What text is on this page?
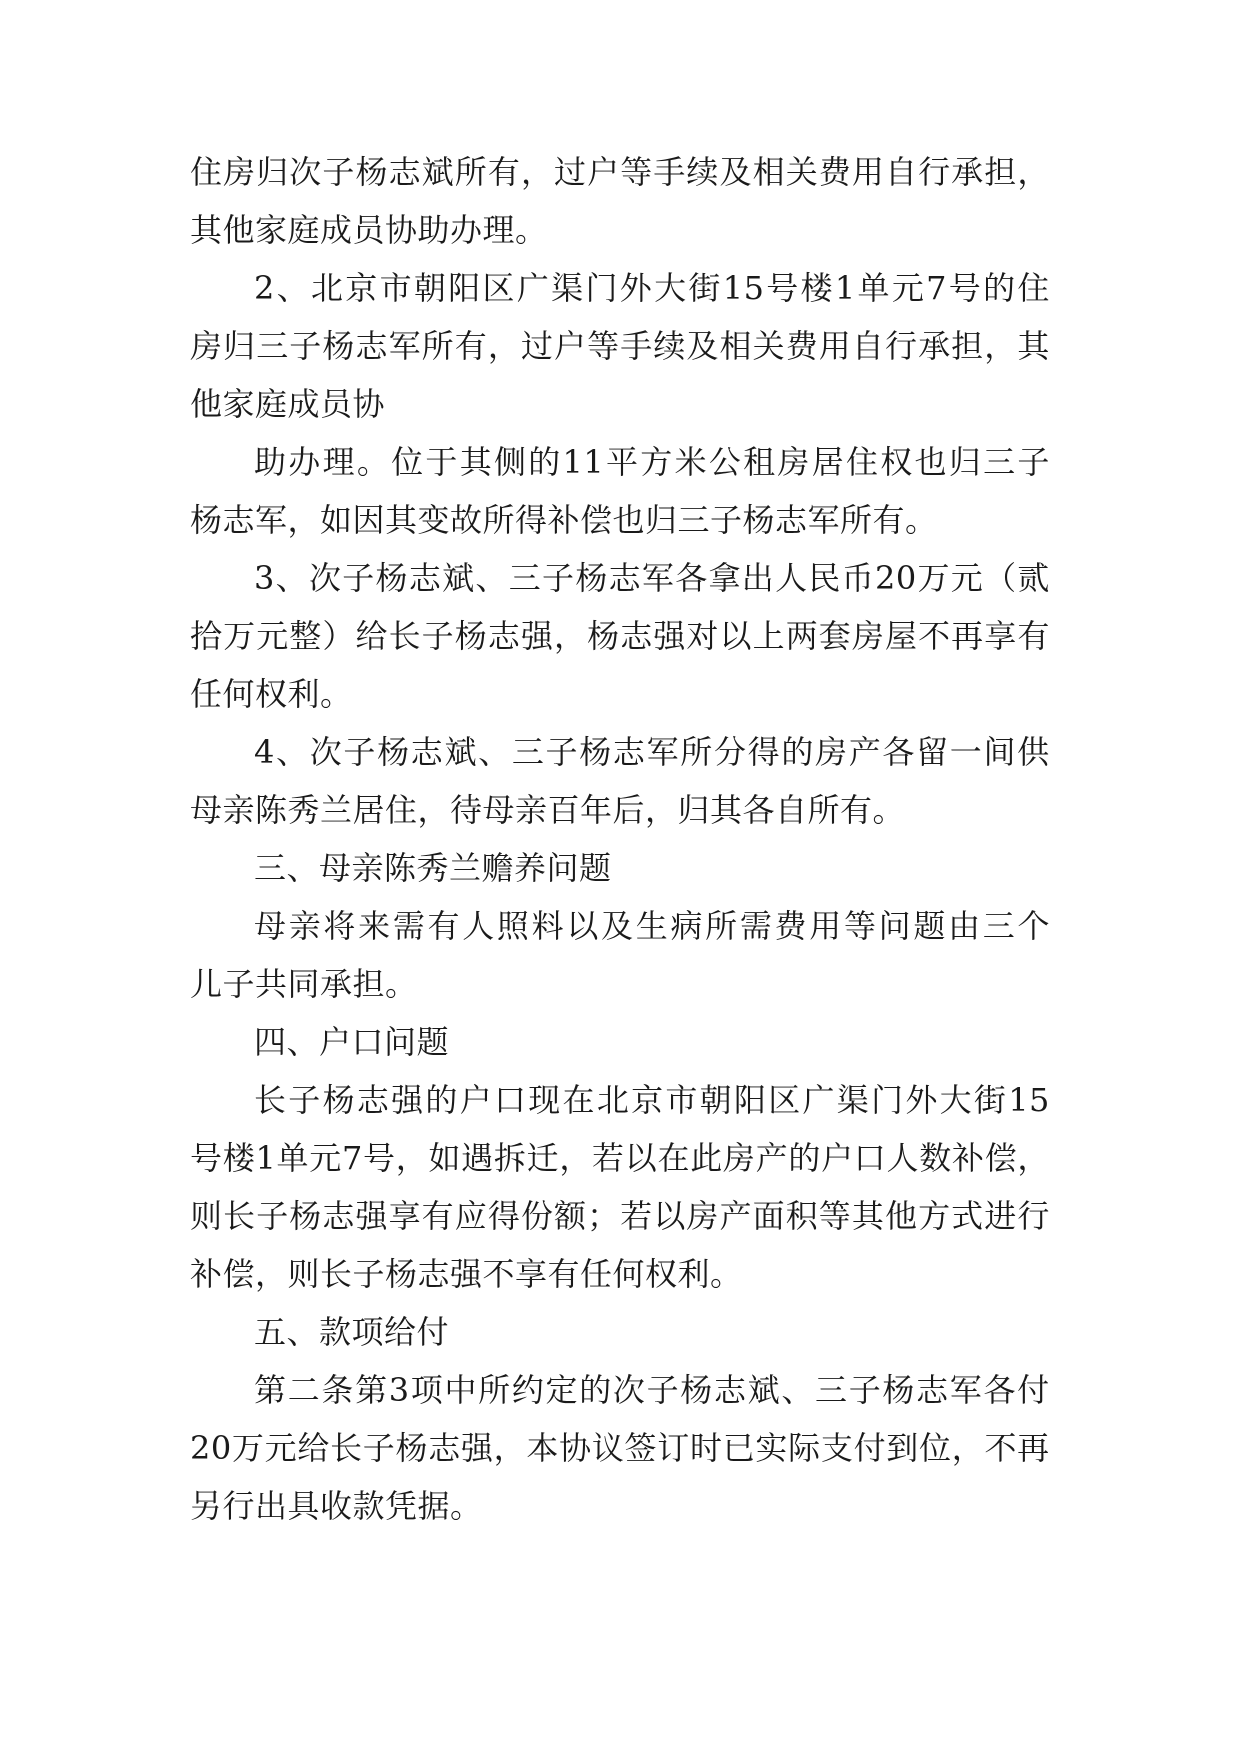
住 房 归 次 子 杨 志 斌 所 有 ， 过 户 等 手 续 及 相 关 费 用 自 行 承 担 ，
其他家庭成员协助办理。
2 、 北 京 市 朝 阳 区 广 渠 门 外 大 街 15 号 楼 1 单 元 7 号 的 住
房 归 三 子 杨 志 军 所 有 ， 过 户 等 手 续 及 相 关 费 用 自 行 承 担 ， 其
他家庭成员协
助 办 理 。 位 于 其 侧 的 11 平 方 米 公 租 房 居 住 权 也 归 三 子
杨志军，如因其变故所得补偿也归三子杨志军所有。
3 、 次 子 杨 志 斌 、 三 子 杨 志 军 各 拿 出 人 民 币 20 万 元 （ 贰
拾 万 元 整 ） 给 长 子 杨 志 强 ， 杨 志 强 对 以 上 两 套 房 屋 不 再 享 有
任何权利。
4 、 次 子 杨 志 斌 、 三 子 杨 志 军 所 分 得 的 房 产 各 留 一 间 供
母亲陈秀兰居住，待母亲百年后，归其各自所有。
三、母亲陈秀兰赡养问题
母 亲 将 来 需 有 人 照 料 以 及 生 病 所 需 费 用 等 问 题 由 三 个
儿子共同承担。
四、户口问题
长 子 杨 志 强 的 户 口 现 在 北 京 市 朝 阳 区 广 渠 门 外 大 街 15
号 楼 1 单 元 7 号 ， 如 遇 拆 迁 ， 若 以 在 此 房 产 的 户 口 人 数 补 偿 ，
则 长 子 杨 志 强 享 有 应 得 份 额 ； 若 以 房 产 面 积 等 其 他 方 式 进 行
补偿，则长子杨志强不享有任何权利。
五、款项给付
第 二 条 第 3 项 中 所 约 定 的 次 子 杨 志 斌 、 三 子 杨 志 军 各 付
20 万 元 给 长 子 杨 志 强 ， 本 协 议 签 订 时 已 实 际 支 付 到 位 ， 不 再
另行出具收款凭据。
